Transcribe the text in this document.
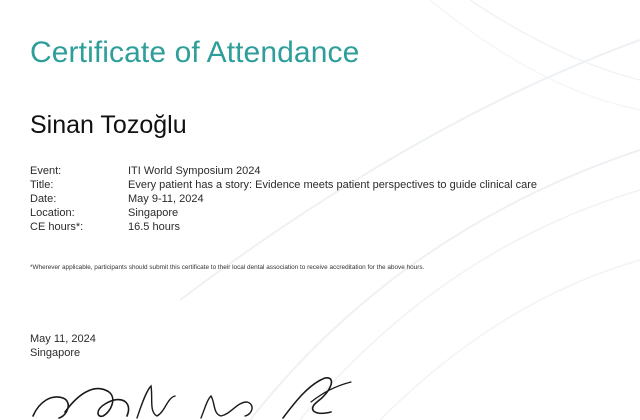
Certificate of Attendance
Sinan Tozoğlu
Event:	ITI World Symposium 2024
Title:	Every patient has a story: Evidence meets patient perspectives to guide clinical care
Date:	May 9-11, 2024
Location:	Singapore
CE hours*:	16.5 hours
*Wherever applicable, participants should submit this certificate to their local dental association to receive accreditation for the above hours.
May 11, 2024
Singapore
